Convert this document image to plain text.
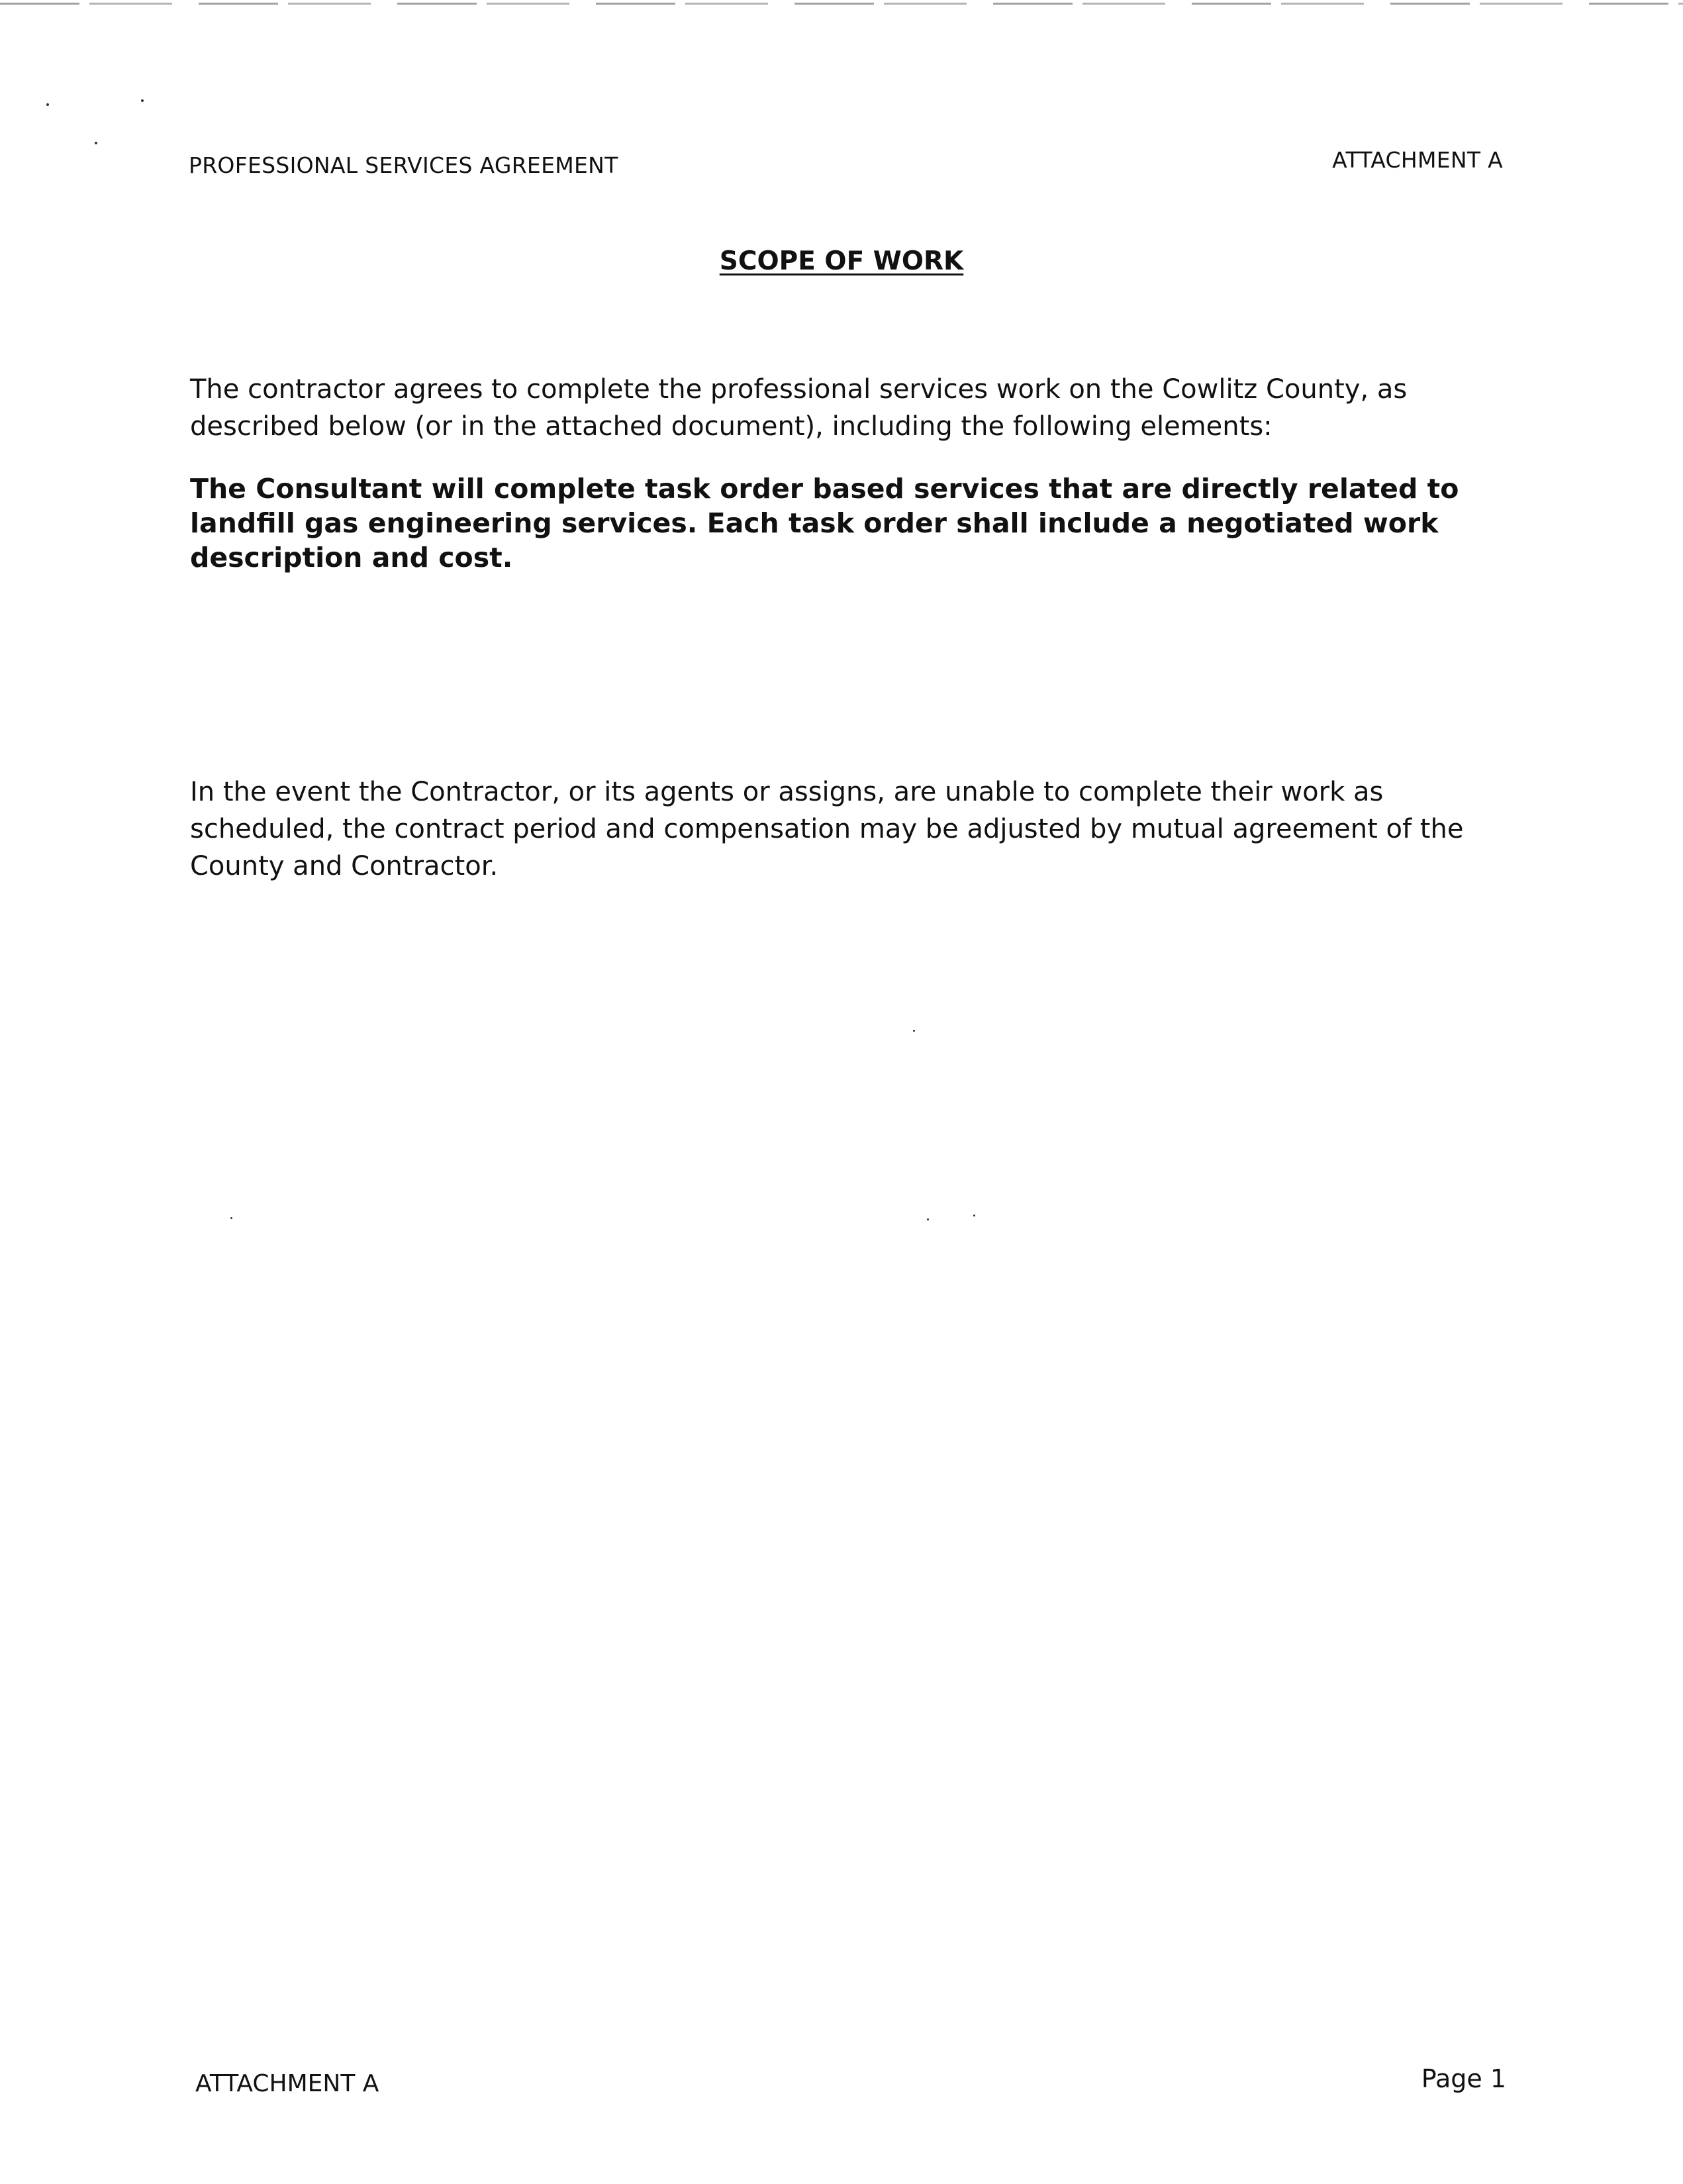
PROFESSIONAL SERVICES AGREEMENT	ATTACHMENT A
SCOPE OF WORK
The contractor agrees to complete the professional services work on the Cowlitz County, as described below (or in the attached document), including the following elements:
The Consultant will complete task order based services that are directly related to landfill gas engineering services. Each task order shall include a negotiated work description and cost.
In the event the Contractor, or its agents or assigns, are unable to complete their work as scheduled, the contract period and compensation may be adjusted by mutual agreement of the County and Contractor.
ATTACHMENT A	Page 1
